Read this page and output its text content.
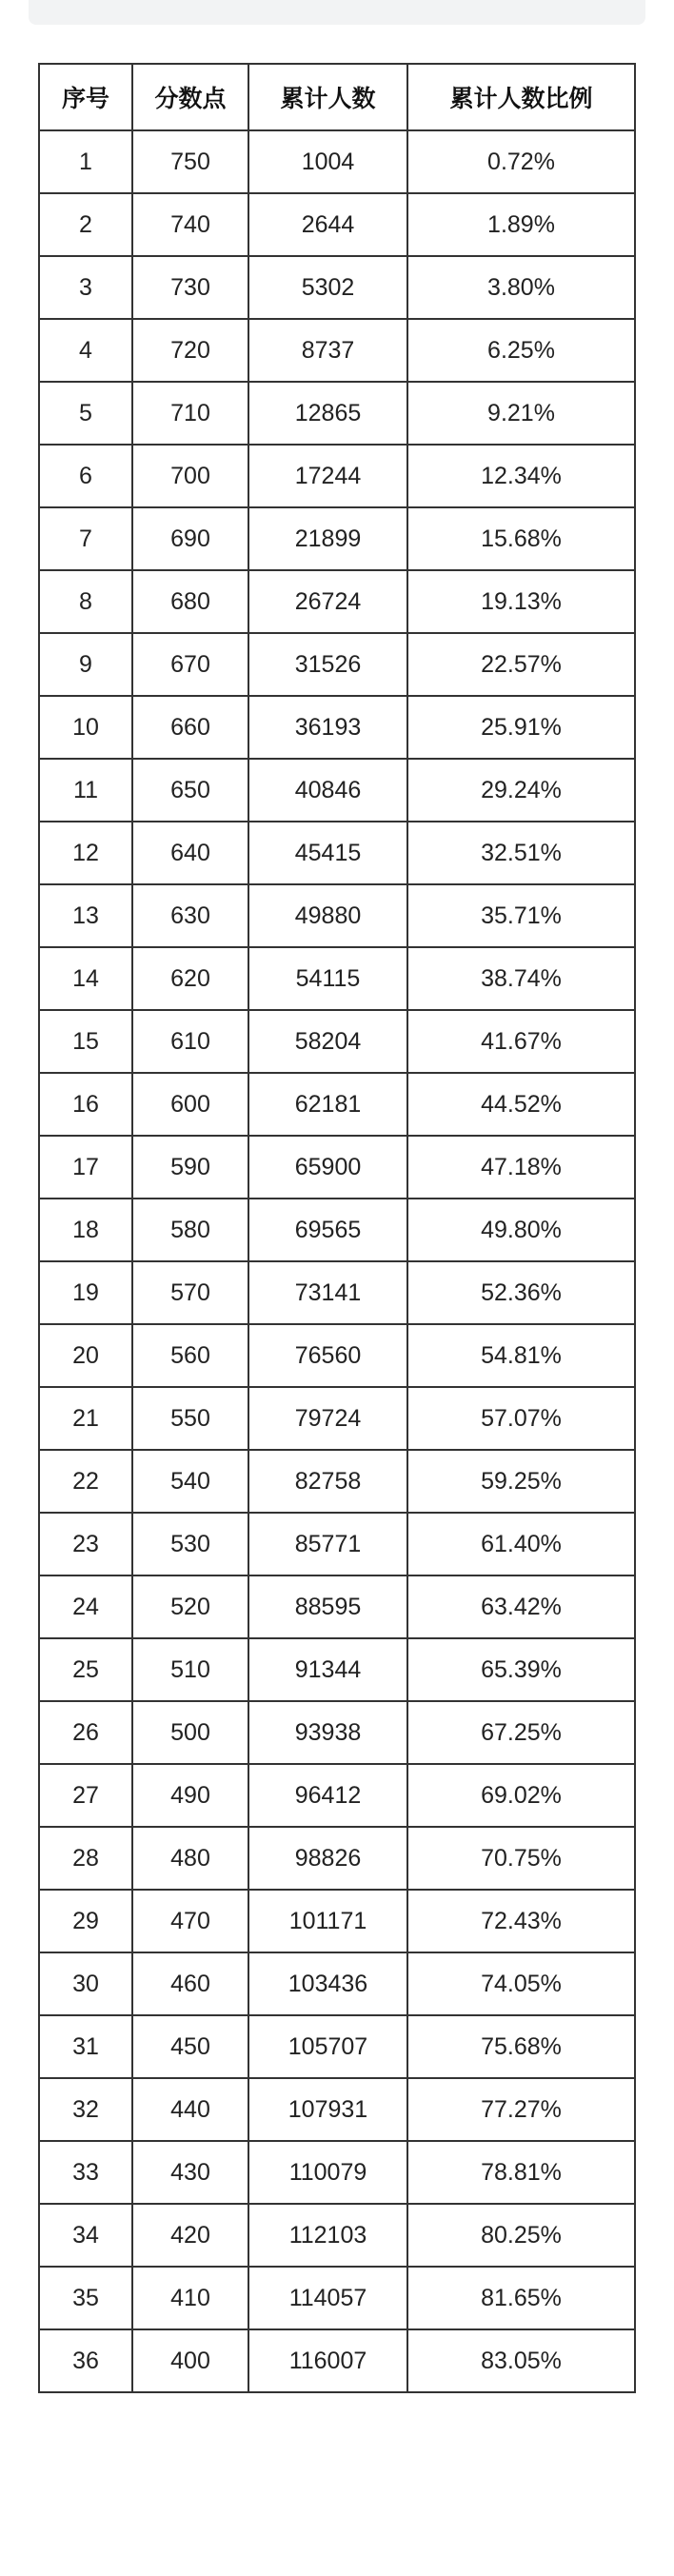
序号	分数点	累计人数	累计人数比例
1	750	1004	0.72%
2	740	2644	1.89%
3	730	5302	3.80%
4	720	8737	6.25%
5	710	12865	9.21%
6	700	17244	12.34%
7	690	21899	15.68%
8	680	26724	19.13%
9	670	31526	22.57%
10	660	36193	25.91%
11	650	40846	29.24%
12	640	45415	32.51%
13	630	49880	35.71%
14	620	54115	38.74%
15	610	58204	41.67%
16	600	62181	44.52%
17	590	65900	47.18%
18	580	69565	49.80%
19	570	73141	52.36%
20	560	76560	54.81%
21	550	79724	57.07%
22	540	82758	59.25%
23	530	85771	61.40%
24	520	88595	63.42%
25	510	91344	65.39%
26	500	93938	67.25%
27	490	96412	69.02%
28	480	98826	70.75%
29	470	101171	72.43%
30	460	103436	74.05%
31	450	105707	75.68%
32	440	107931	77.27%
33	430	110079	78.81%
34	420	112103	80.25%
35	410	114057	81.65%
36	400	116007	83.05%
